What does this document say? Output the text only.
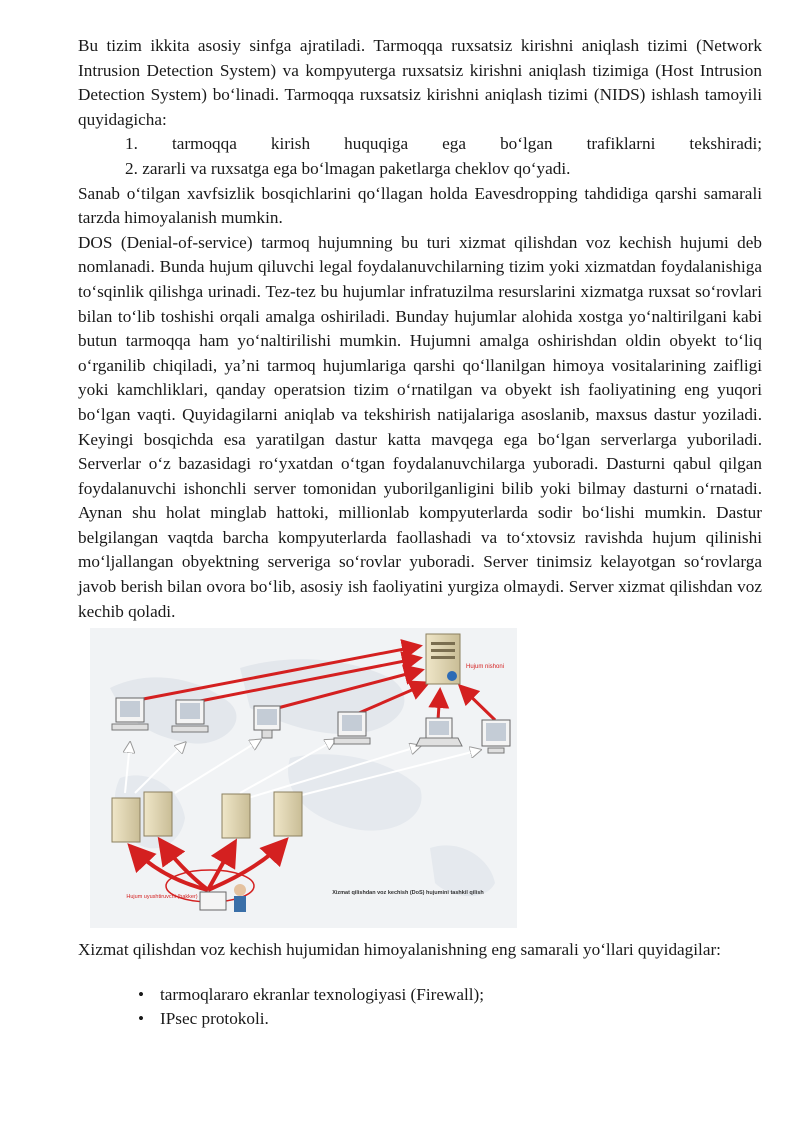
Bu tizim ikkita asosiy sinfga ajratiladi. Tarmoqqa ruxsatsiz kirishni aniqlash tizimi (Network Intrusion Detection System) va kompyuterga ruxsatsiz kirishni aniqlash tizimiga (Host Intrusion Detection System) boʻlinadi. Tarmoqqa ruxsatsiz kirishni aniqlash tizimi (NIDS) ishlash tamoyili quyidagicha:

1. tarmoqqa kirish huquqiga ega boʻlgan trafiklarni tekshiradi;

2. zararli va ruxsatga ega boʻlmagan paketlarga cheklov qoʻyadi.

Sanab oʻtilgan xavfsizlik bosqichlarini qoʻllagan holda Eavesdropping tahdidiga qarshi samarali tarzda himoyalanish mumkin.

DOS (Denial-of-service) tarmoq hujumning bu turi xizmat qilishdan voz kechish hujumi deb nomlanadi. Bunda hujum qiluvchi legal foydalanuvchilarning tizim yoki xizmatdan foydalanishiga toʻsqinlik qilishga urinadi. Tez-tez bu hujumlar infratuzilma resurslarini xizmatga ruxsat soʻrovlari bilan toʻlib toshishi orqali amalga oshiriladi. Bunday hujumlar alohida xostga yoʻnaltirilgani kabi butun tarmoqqa ham yoʻnaltirilishi mumkin. Hujumni amalga oshirishdan oldin obyekt toʻliq oʻrganilib chiqiladi, yaʼni tarmoq hujumlariga qarshi qoʻllanilgan himoya vositalarining zaifligi yoki kamchliklari, qanday operatsion tizim oʻrnatilgan va obyekt ish faoliyatining eng yuqori boʻlgan vaqti. Quyidagilarni aniqlab va tekshirish natijalariga asoslanib, maxsus dastur yoziladi. Keyingi bosqichda esa yaratilgan dastur katta mavqega ega boʻlgan serverlarga yuboriladi. Serverlar oʻz bazasidagi roʻyxatdan oʻtgan foydalanuvchilarga yuboradi. Dasturni qabul qilgan foydalanuvchi ishonchli server tomonidan yuborilganligini bilib yoki bilmay dasturni oʻrnatadi. Aynan shu holat minglab hattoki, millionlab kompyuterlarda sodir boʻlishi mumkin. Dastur belgilangan vaqtda barcha kompyuterlarda faollashadi va toʻxtovsiz ravishda hujum qilinishi moʻljallangan obyektning serveriga soʻrovlar yuboradi. Server tinimsiz kelayotgan soʻrovlarga javob berish bilan ovora boʻlib, asosiy ish faoliyatini yurgiza olmaydi. Server xizmat qilishdan voz kechib qoladi.

Hujum nishoni
Hujum uyushtiruvchi (hakker)
Xizmat qilishdan voz kechish (DoS) hujumini tashkil qilish

Xizmat qilishdan voz kechish hujumidan himoyalanishning eng samarali yoʻllari quyidagilar:

• tarmoqlararo ekranlar texnologiyasi (Firewall);
• IPsec protokoli.
